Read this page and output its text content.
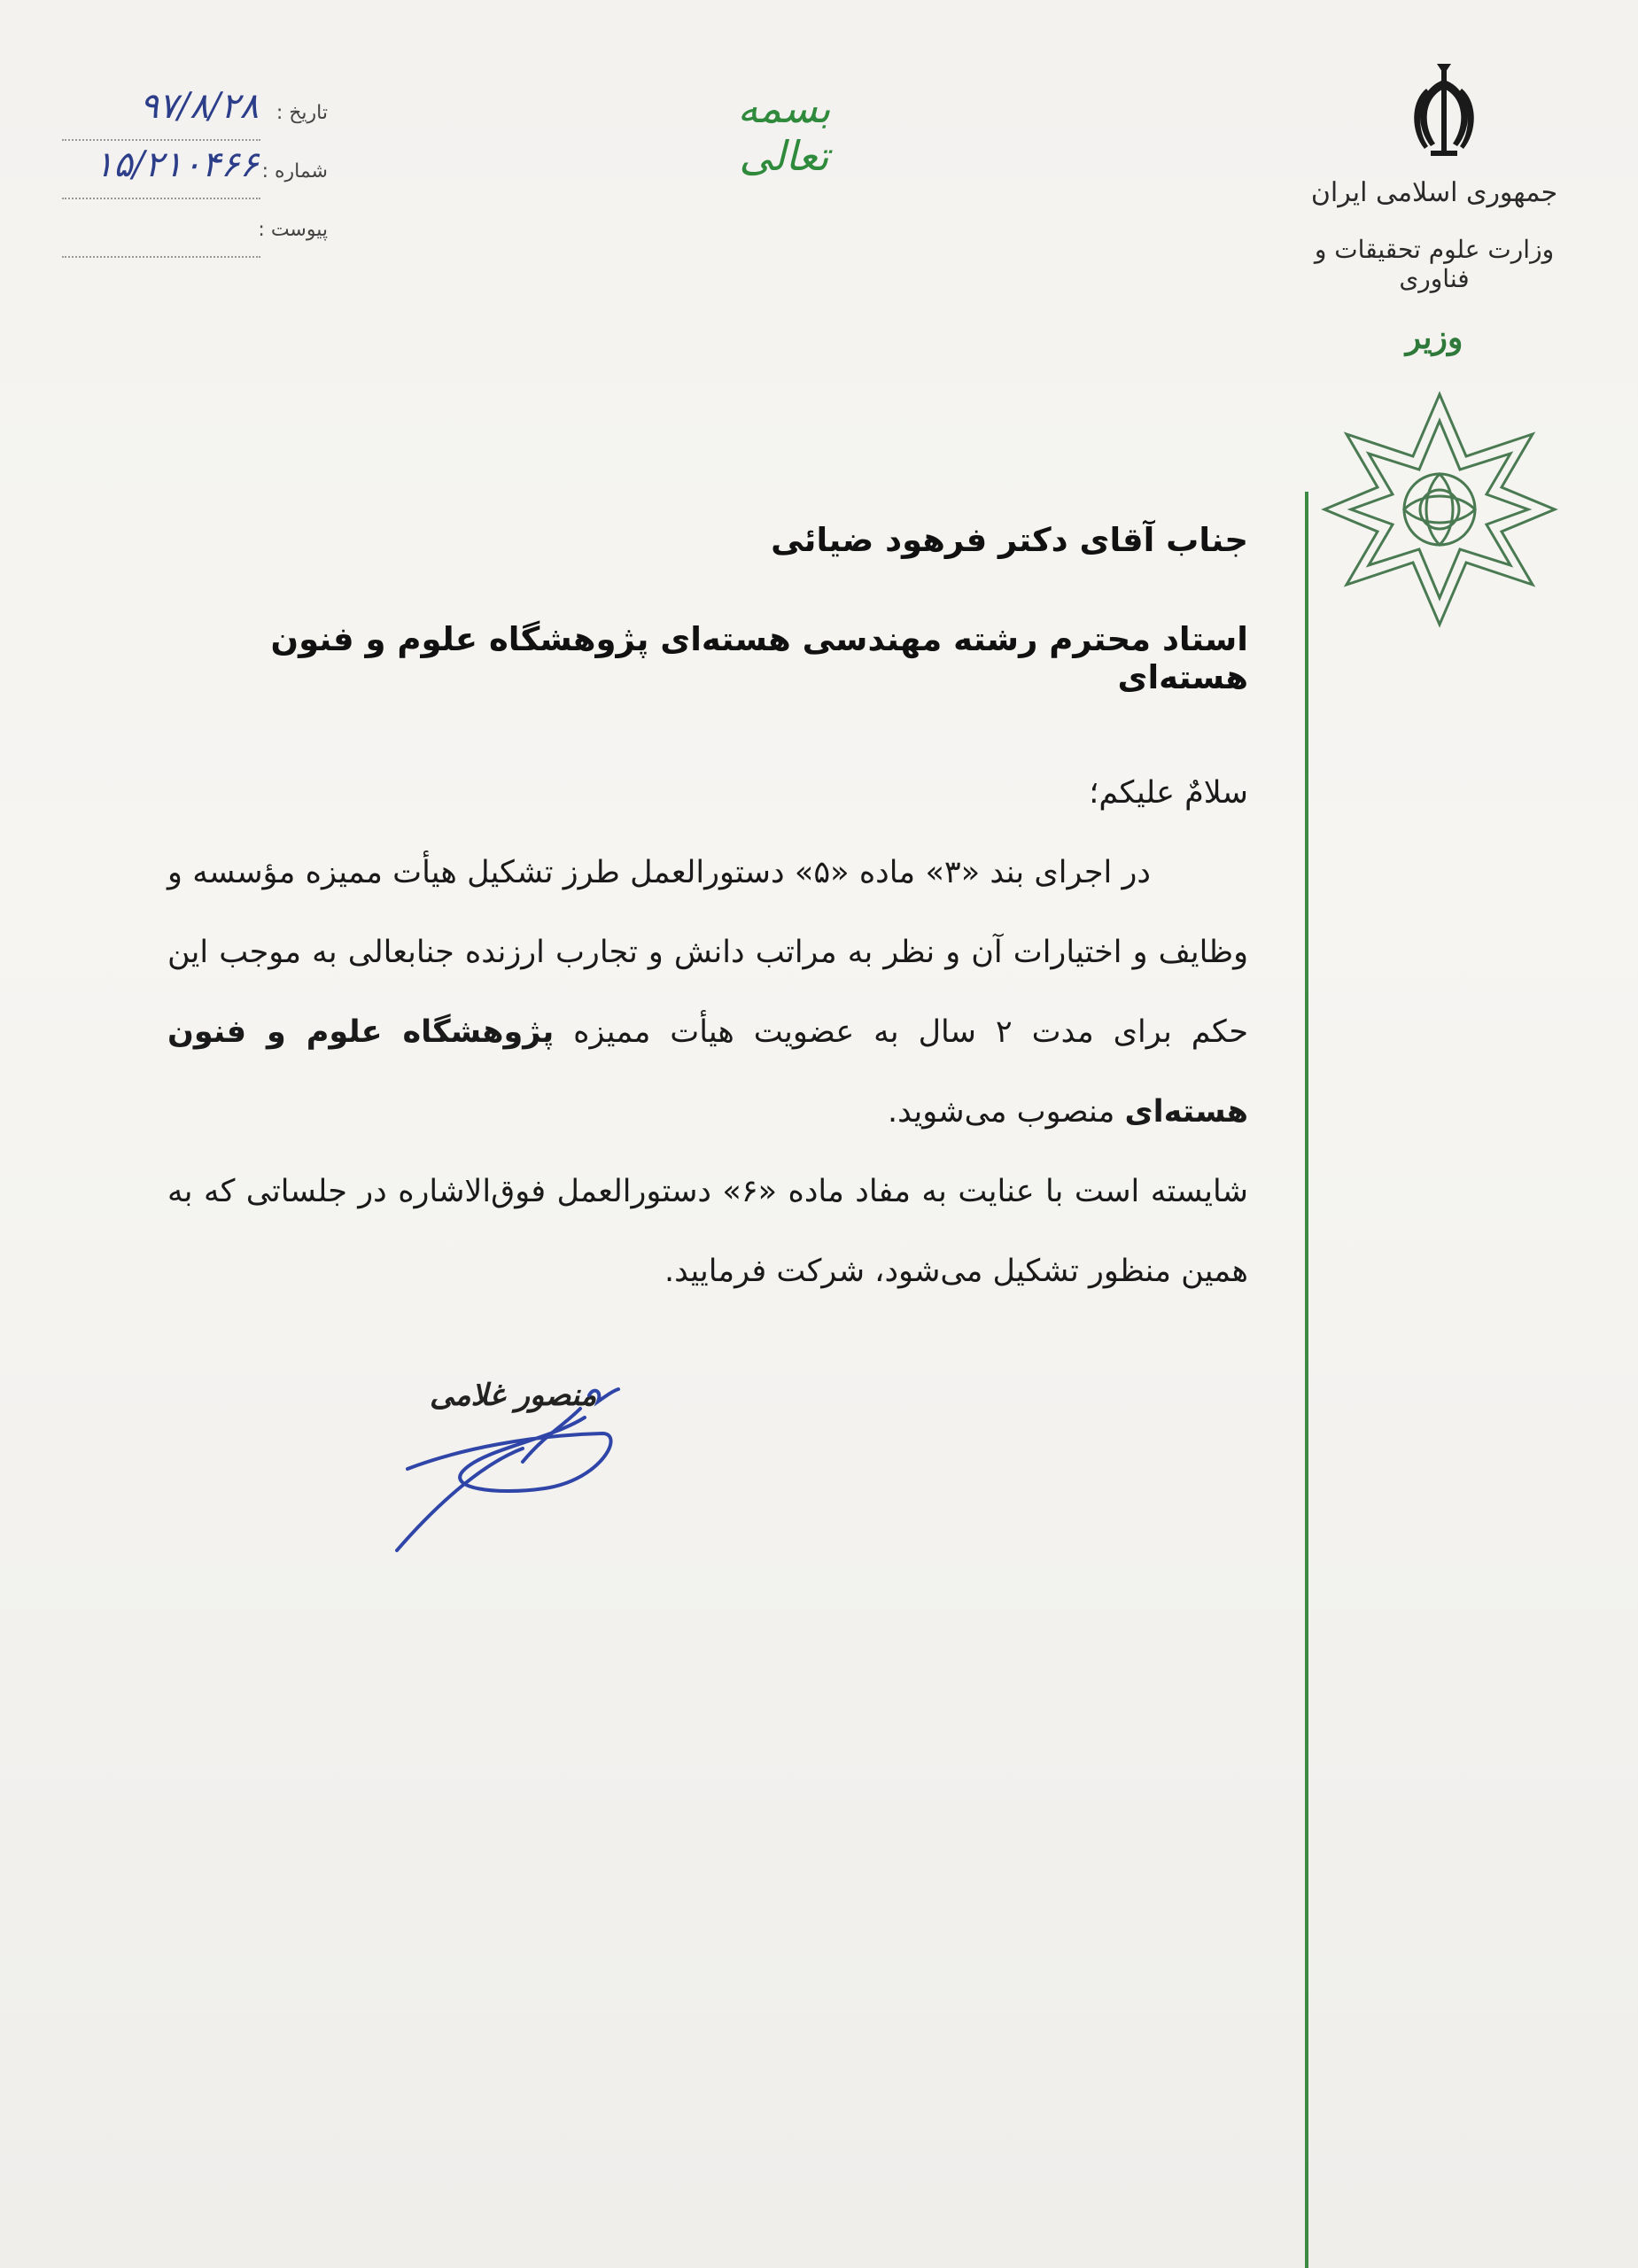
تاریخ :
۹۷/۸/۲۸
شماره :
۱۵/۲۱۰۴۶۶
پیوست :
بسمه تعالی
جمهوری اسلامی ایران
وزارت علوم تحقیقات و فناوری
وزیر
جناب آقای دکتر فرهود ضیائی
استاد محترم رشته مهندسی هسته‌ای پژوهشگاه علوم و فنون هسته‌ای

سلامٌ علیکم؛

در اجرای بند «۳» ماده «۵» دستورالعمل طرز تشکیل هیأت ممیزه مؤسسه و وظایف و اختیارات آن و نظر به مراتب دانش و تجارب ارزنده جنابعالی به موجب این حکم برای مدت ۲ سال به عضویت هیأت ممیزه پژوهشگاه علوم و فنون هسته‌ای منصوب می‌شوید.

شایسته است با عنایت به مفاد ماده «۶» دستورالعمل فوق‌الاشاره در جلساتی که به همین منظور تشکیل می‌شود، شرکت فرمایید.

منصور غلامی
